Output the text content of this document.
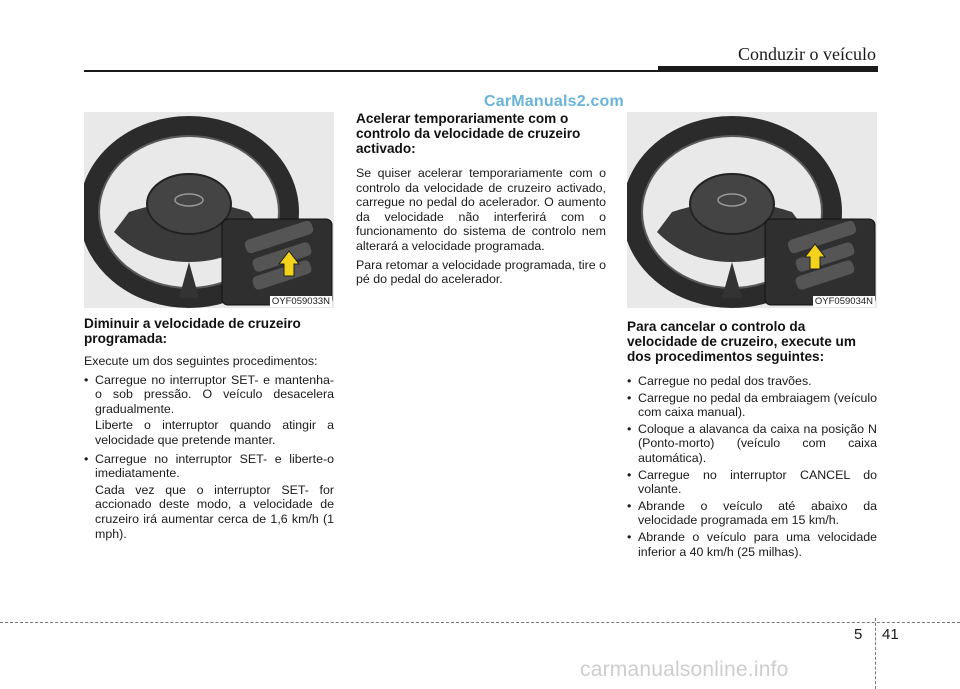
Conduzir o veículo
CarManuals2.com
OYF059033N
Diminuir a velocidade de cruzeiro programada:

Execute um dos seguintes procedimentos:

• Carregue no interruptor SET- e mantenha-o sob pressão. O veículo desacelera gradualmente.
Liberte o interruptor quando atingir a velocidade que pretende manter.
• Carregue no interruptor SET- e liberte-o imediatamente.
Cada vez que o interruptor SET- for accionado deste modo, a velocidade de cruzeiro irá aumentar cerca de 1,6 km/h (1 mph).
Acelerar temporariamente com o controlo da velocidade de cruzeiro activado:

Se quiser acelerar temporariamente com o controlo da velocidade de cruzeiro activado, carregue no pedal do acelerador. O aumento da velocidade não interferirá com o funcionamento do sistema de controlo nem alterará a velocidade programada.

Para retomar a velocidade programada, tire o pé do pedal do acelerador.

OYF059034N
Para cancelar o controlo da velocidade de cruzeiro, execute um dos procedimentos seguintes:
• Carregue no pedal dos travões.
• Carregue no pedal da embraiagem (veículo com caixa manual).
• Coloque a alavanca da caixa na posição N (Ponto-morto) (veículo com caixa automática).
• Carregue no interruptor CANCEL do volante.
• Abrande o veículo até abaixo da velocidade programada em 15 km/h.
• Abrande o veículo para uma velocidade inferior a 40 km/h (25 milhas).
5 41
carmanualsonline.info
